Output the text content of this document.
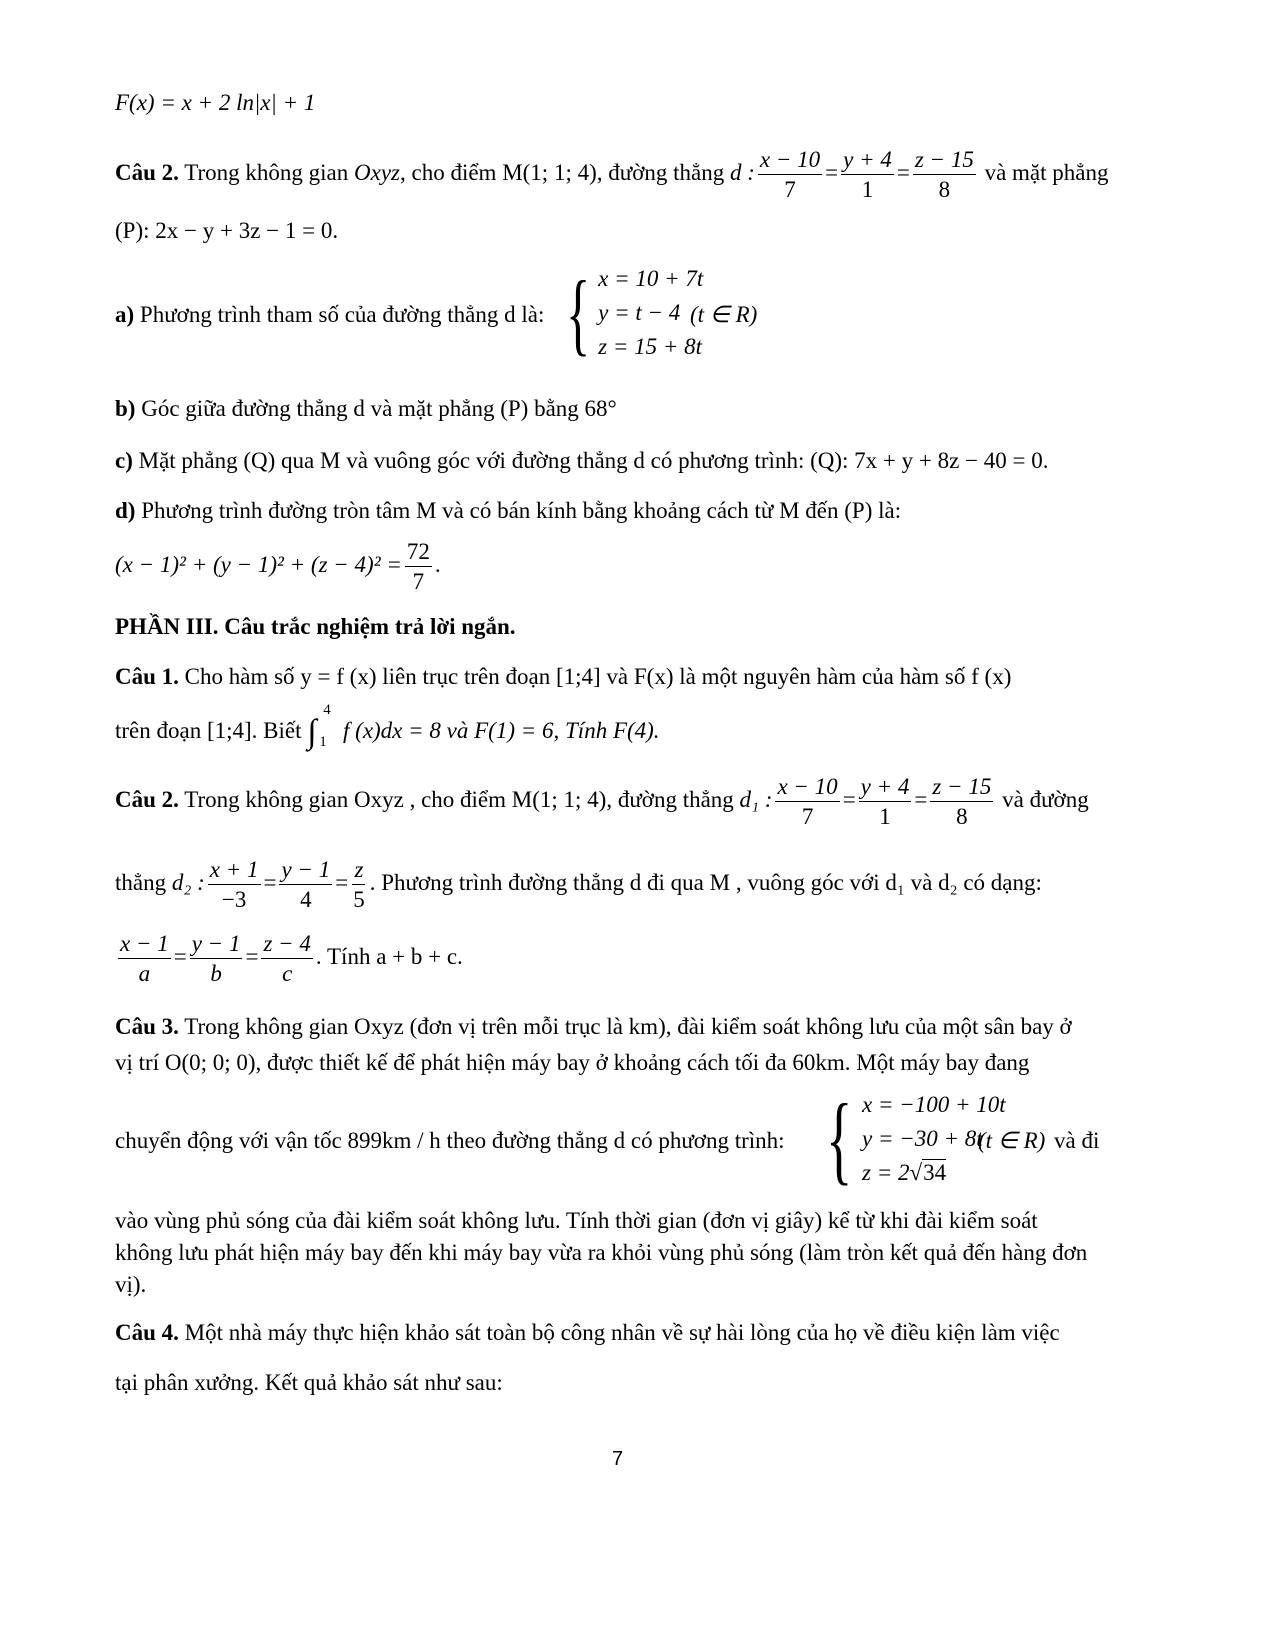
F(x) = x + 2 ln|x| + 1
Câu 2. Trong không gian Oxyz, cho điểm M(1; 1; 4), đường thẳng d : $\frac{x - 10}{7} = \frac{y + 4}{1} = \frac{z - 15}{8}$ và mặt phẳng
(P): 2x − y + 3z − 1 = 0.
a) Phương trình tham số của đường thẳng d là: { x = 10 + 7t
y = t − 4
z = 15 + 8t
(t ∈ R)
b) Góc giữa đường thẳng d và mặt phẳng (P) bằng 68°
c) Mặt phẳng (Q) qua M và vuông góc với đường thẳng d có phương trình: (Q): 7x + y + 8z − 40 = 0.
d) Phương trình đường tròn tâm M và có bán kính bằng khoảng cách từ M đến (P) là:
$(x - 1)^2 + (y - 1)^2 + (z - 4)^2 = \frac{72}{7}$ .
PHẦN III. Câu trắc nghiệm trả lời ngắn.
Câu 1. Cho hàm số y = f (x) liên trục trên đoạn [1;4] và F(x) là một nguyên hàm của hàm số f (x)
trên đoạn [1;4]. Biết ∫
4
1 f (x)dx = 8 và F(1) = 6, Tính F(4).
Câu 2. Trong không gian Oxyz , cho điểm M(1; 1; 4), đường thẳng d₁ : $\frac{x - 10}{7} = \frac{y + 4}{1} = \frac{z - 15}{8}$ và đường
thẳng d₂ : $\frac{x + 1}{-3} = \frac{y - 1}{4} = \frac{z}{5}$ . Phương trình đường thẳng d đi qua M , vuông góc với d₁ và d₂ có dạng:
$\frac{x - 1}{a} = \frac{y - 1}{b} = \frac{z - 4}{c}$ . Tính a + b + c.
Câu 3. Trong không gian Oxyz (đơn vị trên mỗi trục là km), đài kiểm soát không lưu của một sân bay ở
vị trí O(0; 0; 0), được thiết kế để phát hiện máy bay ở khoảng cách tối đa 60km. Một máy bay đang
chuyển động với vận tốc 899km / h theo đường thẳng d có phương trình: { x = −100 + 10t
y = −30 + 8t
z = 2√34
(t ∈ R) và đi
vào vùng phủ sóng của đài kiểm soát không lưu. Tính thời gian (đơn vị giây) kể từ khi đài kiểm soát
không lưu phát hiện máy bay đến khi máy bay vừa ra khỏi vùng phủ sóng (làm tròn kết quả đến hàng đơn
vị).
Câu 4. Một nhà máy thực hiện khảo sát toàn bộ công nhân về sự hài lòng của họ về điều kiện làm việc
tại phân xưởng. Kết quả khảo sát như sau:
7
